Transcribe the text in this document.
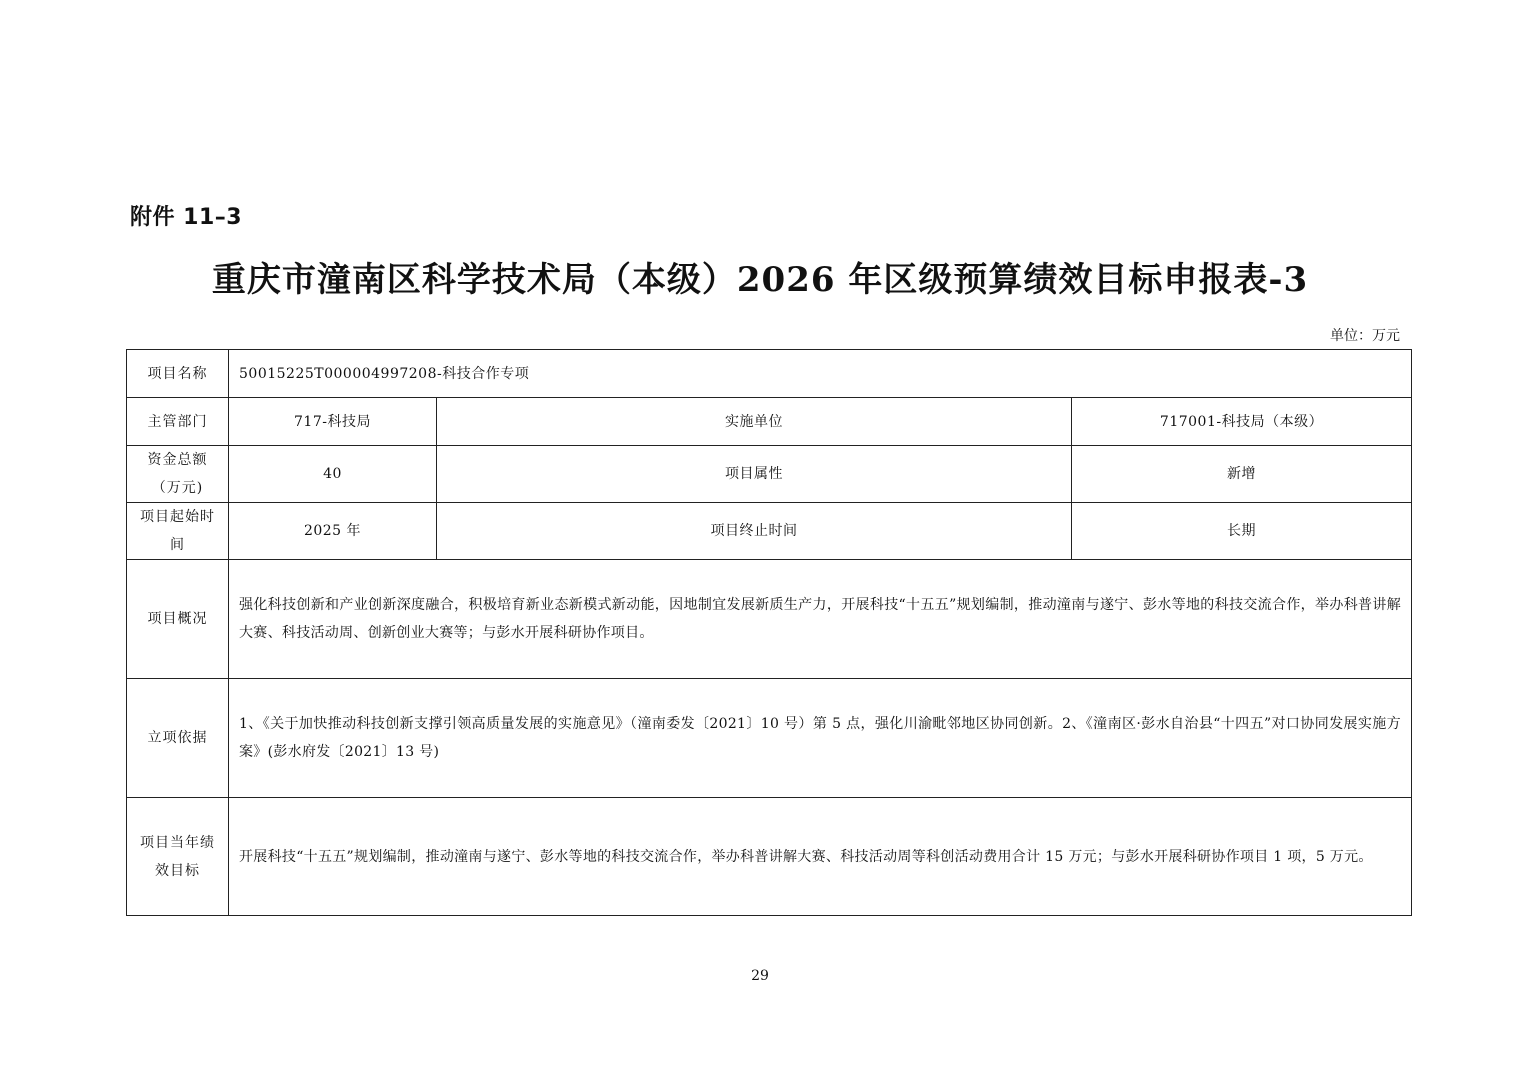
附件 11–3
重庆市潼南区科学技术局（本级）2026 年区级预算绩效目标申报表-3
单位：万元
项目名称	50015225T000004997208-科技合作专项		
主管部门	717-科技局	实施单位	717001-科技局（本级）

资金总额
（万元)	40	项目属性	新增

项目起始时
间	2025 年	项目终止时间	长期
项目概况	强化科技创新和产业创新深度融合，积极培育新业态新模式新动能，因地制宜发展新质生产力，开展科技“十五五”规划编制，推动潼南与遂宁、彭水等地的科技交流合作，举办科普讲解大赛、科技活动周、创新创业大赛等；与彭水开展科研协作项目。		
立项依据	1、《关于加快推动科技创新支撑引领高质量发展的实施意见》（潼南委发〔2021〕10 号）第 5 点，强化川渝毗邻地区协同创新。2、《潼南区·彭水自治县“十四五”对口协同发展实施方案》(彭水府发〔2021〕13 号)		

项目当年绩
效目标	开展科技“十五五”规划编制，推动潼南与遂宁、彭水等地的科技交流合作，举办科普讲解大赛、科技活动周等科创活动费用合计 15 万元；与彭水开展科研协作项目 1 项，5 万元。		
29
